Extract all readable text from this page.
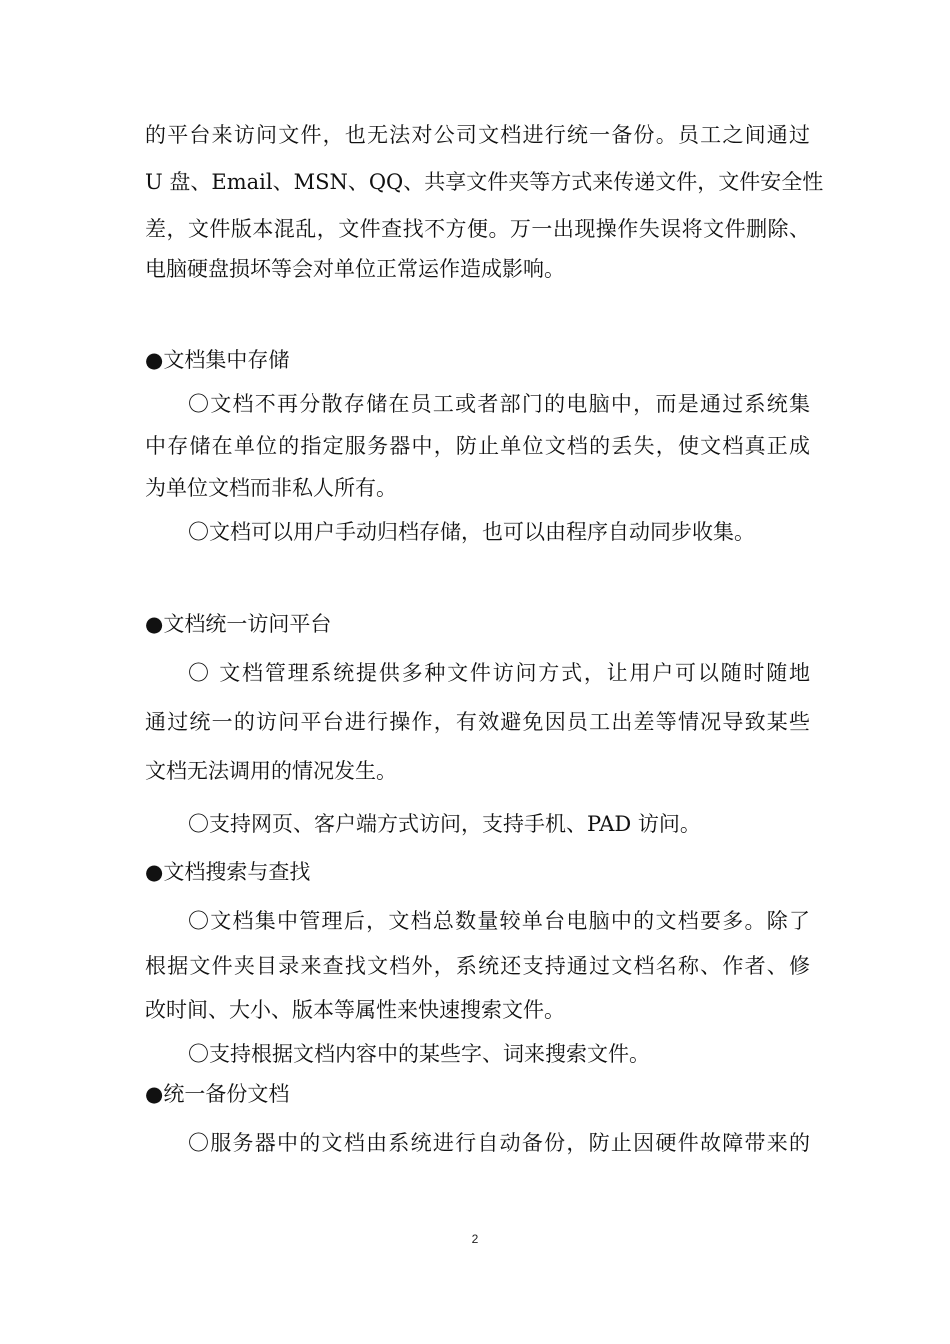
的平台来访问文件，也无法对公司文档进行统一备份。员工之间通过
U 盘、Email、MSN、QQ、共享文件夹等方式来传递文件，文件安全性
差，文件版本混乱，文件查找不方便。万一出现操作失误将文件删除、
电脑硬盘损坏等会对单位正常运作造成影响。
●文档集中存储
〇文档不再分散存储在员工或者部门的电脑中，而是通过系统集
中存储在单位的指定服务器中，防止单位文档的丢失，使文档真正成
为单位文档而非私人所有。
〇文档可以用户手动归档存储，也可以由程序自动同步收集。
●文档统一访问平台
〇 文档管理系统提供多种文件访问方式，让用户可以随时随地
通过统一的访问平台进行操作，有效避免因员工出差等情况导致某些
文档无法调用的情况发生。
〇支持网页、客户端方式访问，支持手机、PAD 访问。
●文档搜索与查找
〇文档集中管理后，文档总数量较单台电脑中的文档要多。除了
根据文件夹目录来查找文档外，系统还支持通过文档名称、作者、修
改时间、大小、版本等属性来快速搜索文件。
〇支持根据文档内容中的某些字、词来搜索文件。
●统一备份文档
〇服务器中的文档由系统进行自动备份，防止因硬件故障带来的
2
